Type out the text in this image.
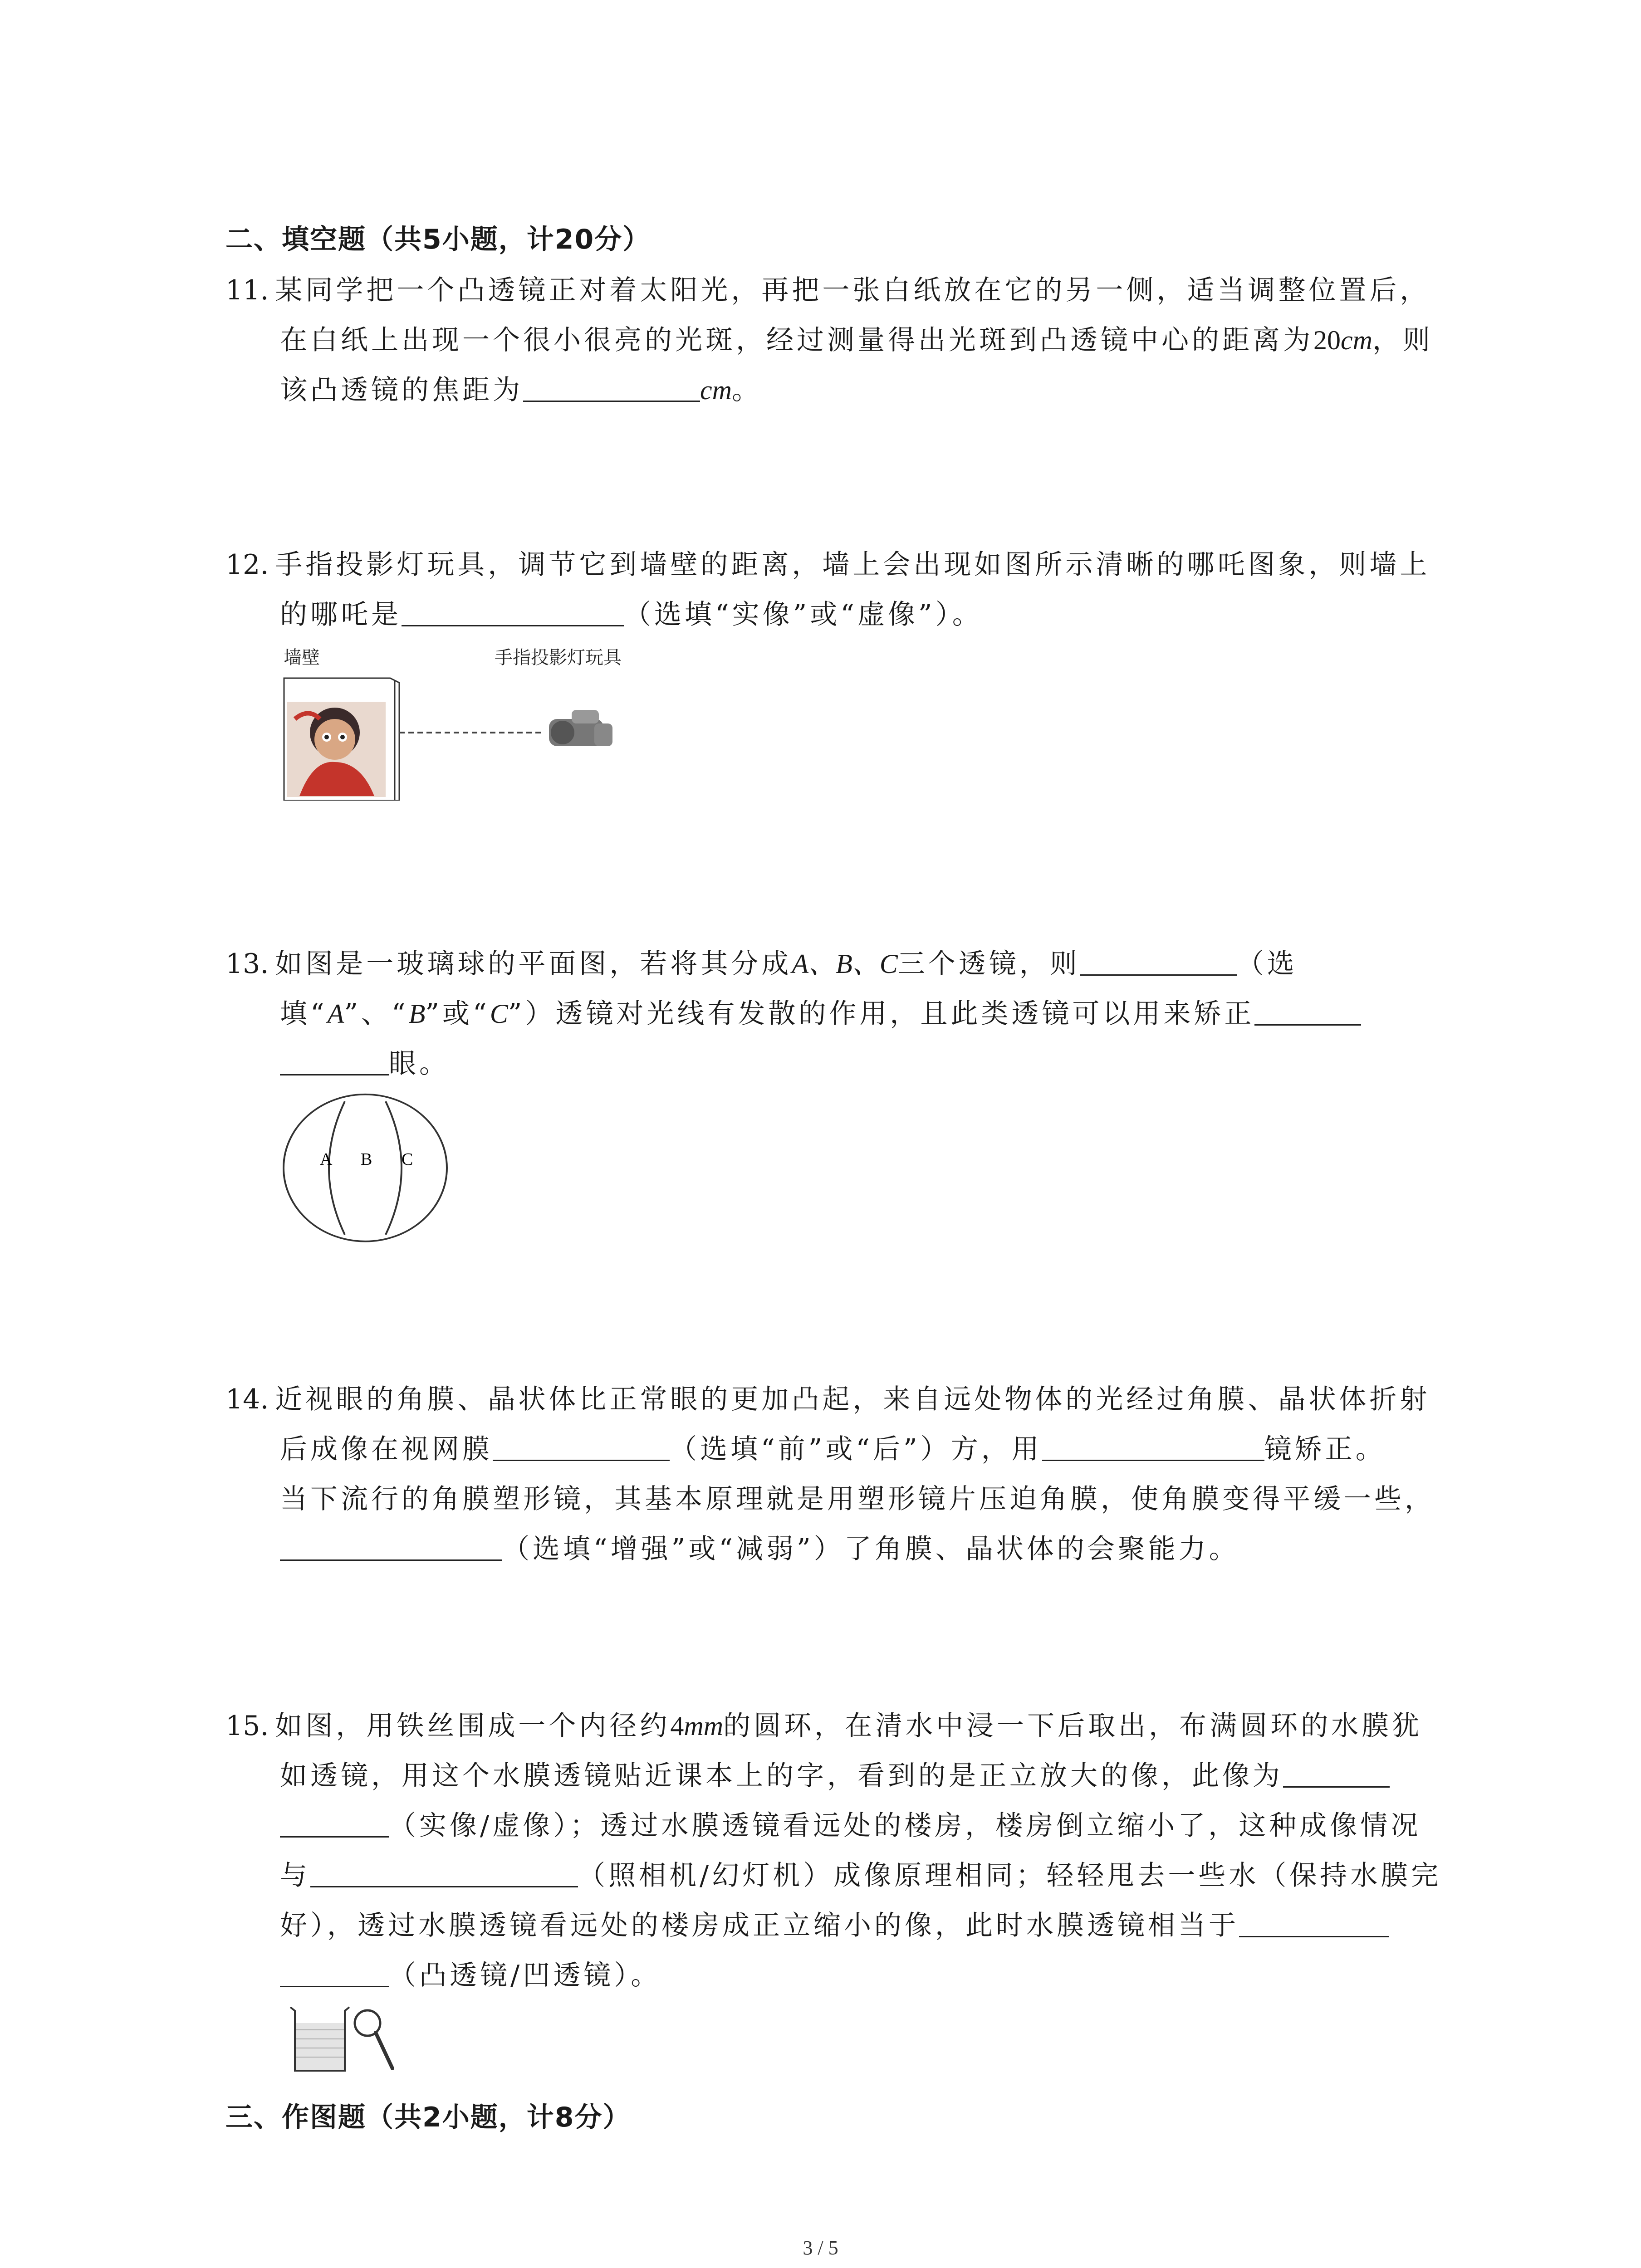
二、填空题（共5小题，计20分）
11. 某同学把一个凸透镜正对着太阳光，再把一张白纸放在它的另一侧，适当调整位置后，
在白纸上出现一个很小很亮的光斑，经过测量得出光斑到凸透镜中心的距离为20cm，则
该凸透镜的焦距为	cm。
12. 手指投影灯玩具，调节它到墙壁的距离，墙上会出现如图所示清晰的哪吒图象，则墙上
的哪吒是	（选填“实像”或“虚像”）。
墙壁	手指投影灯玩具
13. 如图是一玻璃球的平面图，若将其分成A、B、C三个透镜，则	（选
填“A”、“B”或“C”）透镜对光线有发散的作用，且此类透镜可以用来矫正
眼。
A B C
14. 近视眼的角膜、晶状体比正常眼的更加凸起，来自远处物体的光经过角膜、晶状体折射
后成像在视网膜	（选填“前”或“后”）方，用	镜矫正。
当下流行的角膜塑形镜，其基本原理就是用塑形镜片压迫角膜，使角膜变得平缓一些，
（选填“增强”或“减弱”）了角膜、晶状体的会聚能力。
15. 如图，用铁丝围成一个内径约4mm的圆环，在清水中浸一下后取出，布满圆环的水膜犹
如透镜，用这个水膜透镜贴近课本上的字，看到的是正立放大的像，此像为
（实像/虚像）；透过水膜透镜看远处的楼房，楼房倒立缩小了，这种成像情况
与	（照相机/幻灯机）成像原理相同；轻轻甩去一些水（保持水膜完
好），透过水膜透镜看远处的楼房成正立缩小的像，此时水膜透镜相当于
（凸透镜/凹透镜）。
三、作图题（共2小题，计8分）
3 / 5
